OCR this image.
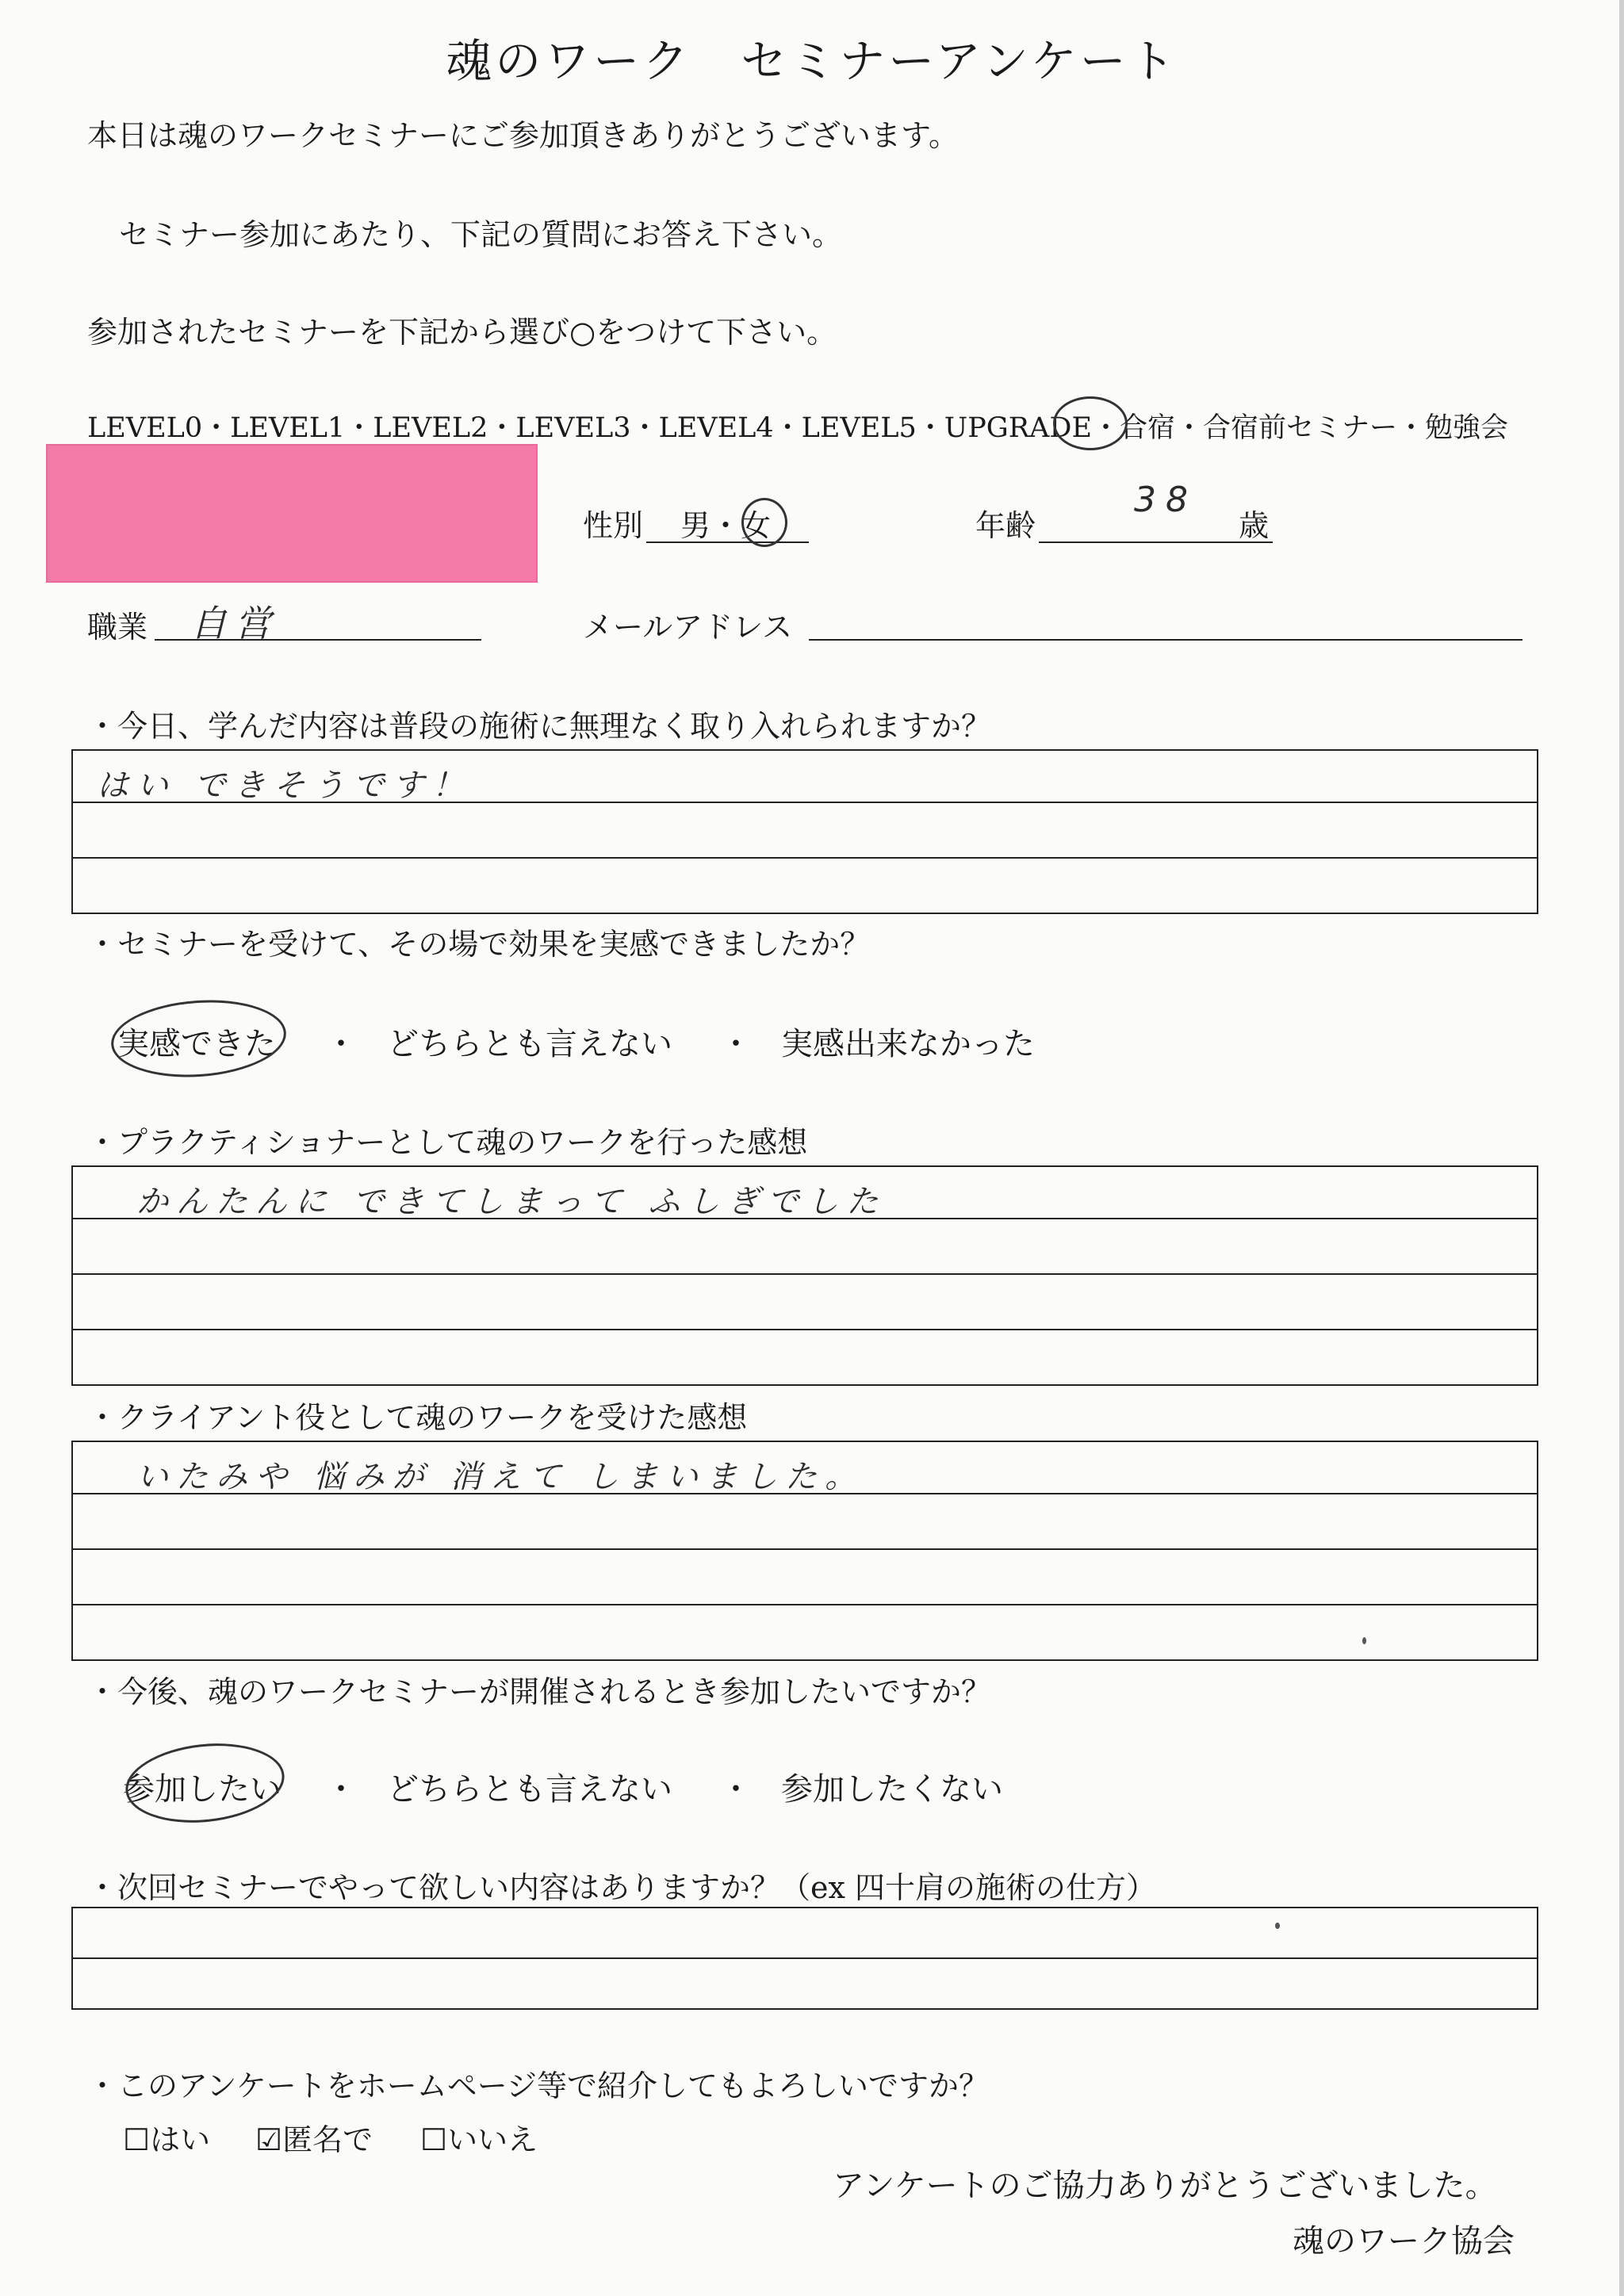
魂のワーク　セミナーアンケート
本日は魂のワークセミナーにご参加頂きありがとうございます。
セミナー参加にあたり、下記の質問にお答え下さい。
参加されたセミナーを下記から選び○をつけて下さい。
LEVEL0・LEVEL1・LEVEL2・LEVEL3・LEVEL4・LEVEL5・UPGRADE・合宿・合宿前セミナー・勉強会
性別 男・女	年齢
38
歳
職業 自営	メールアドレス
・今日、学んだ内容は普段の施術に無理なく取り入れられますか？
はい できそうです！
・セミナーを受けて、その場で効果を実感できましたか？
実感できた ・ どちらとも言えない ・ 実感出来なかった
・プラクティショナーとして魂のワークを行った感想
かんたんに できてしまって ふしぎでした
・クライアント役として魂のワークを受けた感想
いたみや 悩みが 消えて しまいました。
・今後、魂のワークセミナーが開催されるとき参加したいですか？
参加したい ・ どちらとも言えない ・ 参加したくない
・次回セミナーでやって欲しい内容はありますか？（ex 四十肩の施術の仕方）
・このアンケートをホームページ等で紹介してもよろしいですか？
☐はい ☑匿名で ☐いいえ
アンケートのご協力ありがとうございました。
魂のワーク協会
